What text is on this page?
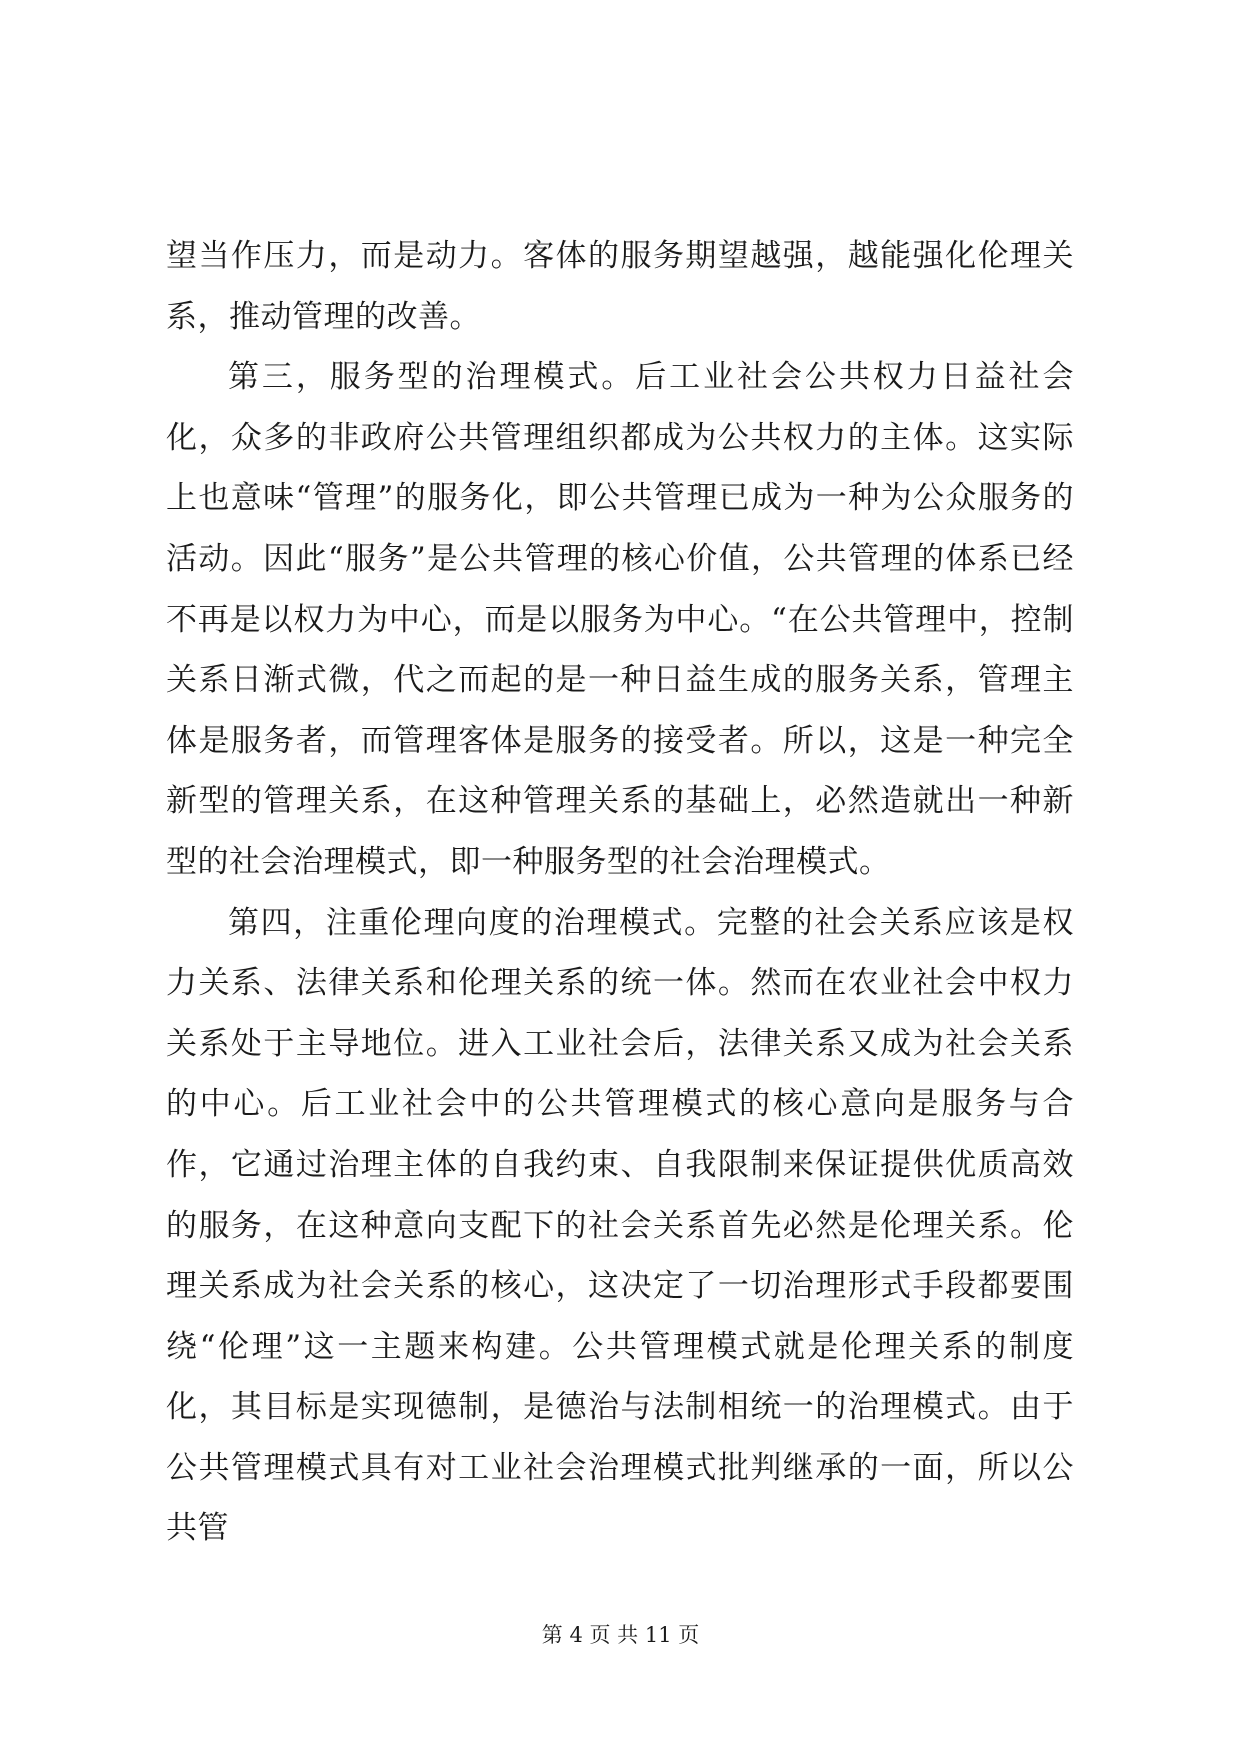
望当作压力，而是动力。客体的服务期望越强，越能强化伦理关系，推动管理的改善。

第三，服务型的治理模式。后工业社会公共权力日益社会化，众多的非政府公共管理组织都成为公共权力的主体。这实际上也意味“管理”的服务化，即公共管理已成为一种为公众服务的活动。因此“服务”是公共管理的核心价值，公共管理的体系已经不再是以权力为中心，而是以服务为中心。“在公共管理中，控制关系日渐式微，代之而起的是一种日益生成的服务关系，管理主体是服务者，而管理客体是服务的接受者。所以，这是一种完全新型的管理关系，在这种管理关系的基础上，必然造就出一种新型的社会治理模式，即一种服务型的社会治理模式。

第四，注重伦理向度的治理模式。完整的社会关系应该是权力关系、法律关系和伦理关系的统一体。然而在农业社会中权力关系处于主导地位。进入工业社会后，法律关系又成为社会关系的中心。后工业社会中的公共管理模式的核心意向是服务与合作，它通过治理主体的自我约束、自我限制来保证提供优质高效的服务，在这种意向支配下的社会关系首先必然是伦理关系。伦理关系成为社会关系的核心，这决定了一切治理形式手段都要围绕“伦理”这一主题来构建。公共管理模式就是伦理关系的制度化，其目标是实现德制，是德治与法制相统一的治理模式。由于公共管理模式具有对工业社会治理模式批判继承的一面，所以公共管

第 4 页 共 11 页
